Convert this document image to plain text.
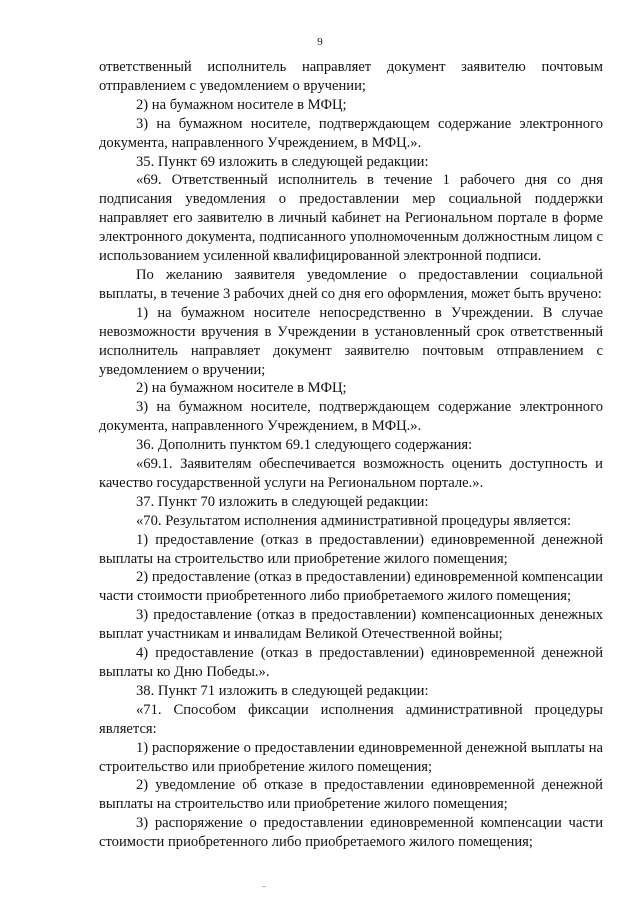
9

ответственный исполнитель направляет документ заявителю почтовым отправлением с уведомлением о вручении;

2) на бумажном носителе в МФЦ;

3) на бумажном носителе, подтверждающем содержание электронного документа, направленного Учреждением, в МФЦ.».

35. Пункт 69 изложить в следующей редакции:

«69. Ответственный исполнитель в течение 1 рабочего дня со дня подписания уведомления о предоставлении мер социальной поддержки направляет его заявителю в личный кабинет на Региональном портале в форме электронного документа, подписанного уполномоченным должностным лицом с использованием усиленной квалифицированной электронной подписи.

По желанию заявителя уведомление о предоставлении социальной выплаты, в течение 3 рабочих дней со дня его оформления, может быть вручено:

1) на бумажном носителе непосредственно в Учреждении. В случае невозможности вручения в Учреждении в установленный срок ответственный исполнитель направляет документ заявителю почтовым отправлением с уведомлением о вручении;

2) на бумажном носителе в МФЦ;

3) на бумажном носителе, подтверждающем содержание электронного документа, направленного Учреждением, в МФЦ.».

36. Дополнить пунктом 69.1 следующего содержания:

«69.1. Заявителям обеспечивается возможность оценить доступность и качество государственной услуги на Региональном портале.».

37. Пункт 70 изложить в следующей редакции:

«70. Результатом исполнения административной процедуры является:

1) предоставление (отказ в предоставлении) единовременной денежной выплаты на строительство или приобретение жилого помещения;

2) предоставление (отказ в предоставлении) единовременной компенсации части стоимости приобретенного либо приобретаемого жилого помещения;

3) предоставление (отказ в предоставлении) компенсационных денежных выплат участникам и инвалидам Великой Отечественной войны;

4) предоставление (отказ в предоставлении) единовременной денежной выплаты ко Дню Победы.».

38. Пункт 71 изложить в следующей редакции:

«71. Способом фиксации исполнения административной процедуры является:

1) распоряжение о предоставлении единовременной денежной выплаты на строительство или приобретение жилого помещения;

2) уведомление об отказе в предоставлении единовременной денежной выплаты на строительство или приобретение жилого помещения;

3) распоряжение о предоставлении единовременной компенсации части стоимости приобретенного либо приобретаемого жилого помещения;
